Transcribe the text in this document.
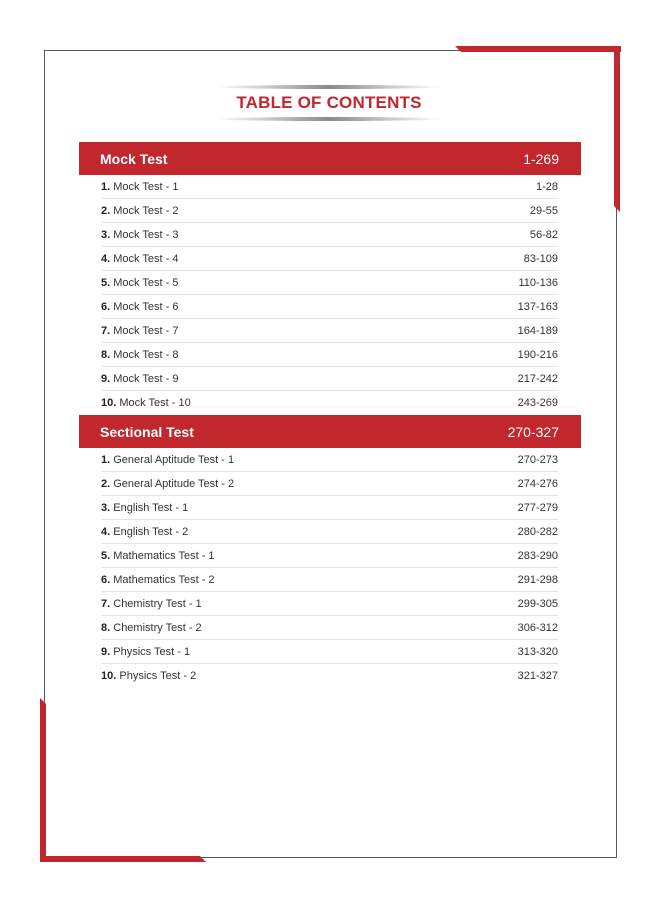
TABLE OF CONTENTS
Mock Test	1-269
1. Mock Test - 1	1-28
2. Mock Test - 2	29-55
3. Mock Test - 3	56-82
4. Mock Test - 4	83-109
5. Mock Test - 5	110-136
6. Mock Test - 6	137-163
7. Mock Test - 7	164-189
8. Mock Test - 8	190-216
9. Mock Test - 9	217-242
10. Mock Test - 10	243-269
Sectional Test	270-327
1. General Aptitude Test - 1	270-273
2. General Aptitude Test - 2	274-276
3. English Test - 1	277-279
4. English Test - 2	280-282
5. Mathematics Test - 1	283-290
6. Mathematics Test - 2	291-298
7. Chemistry Test - 1	299-305
8. Chemistry Test - 2	306-312
9. Physics Test - 1	313-320
10. Physics Test - 2	321-327
